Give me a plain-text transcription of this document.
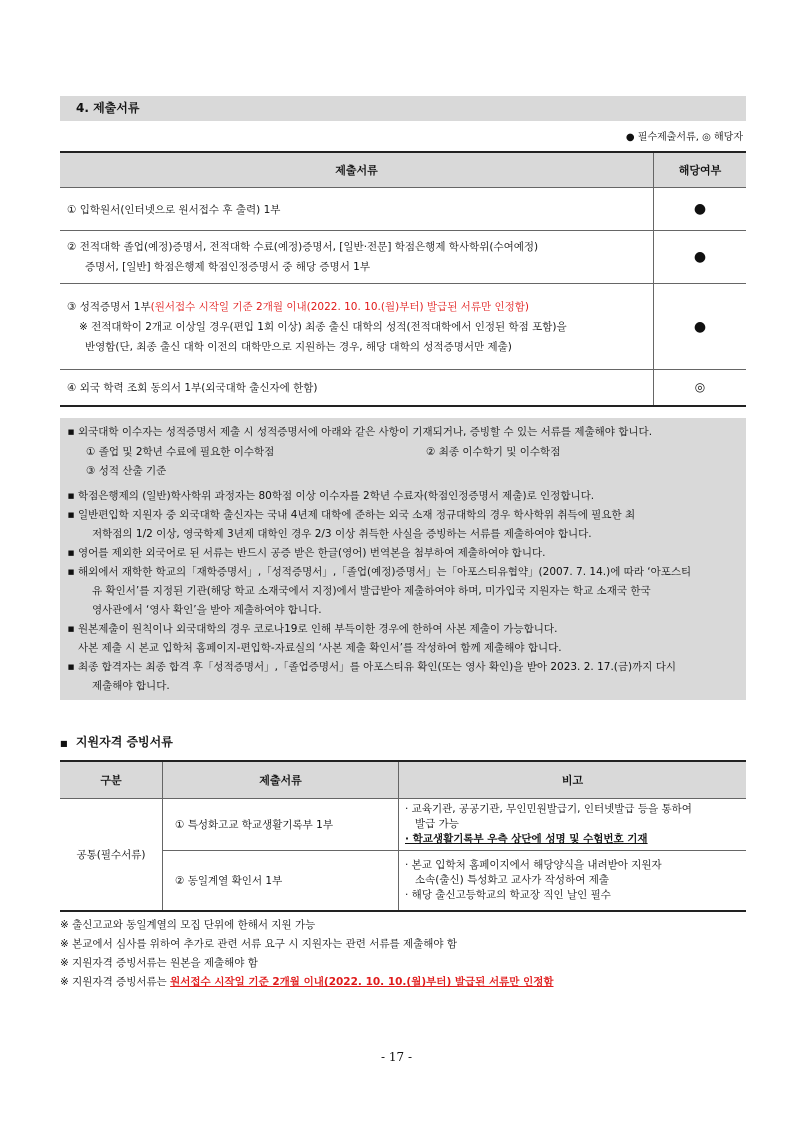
4. 제출서류
● 필수제출서류, ◎ 해당자
제출서류	해당여부
① 입학원서(인터넷으로 원서접수 후 출력) 1부	●
② 전적대학 졸업(예정)증명서, 전적대학 수료(예정)증명서, [일반·전문] 학점은행제 학사학위(수여예정)
증명서, [일반] 학점은행제 학점인정증명서 중 해당 증명서 1부	●
③ 성적증명서 1부(원서접수 시작일 기준 2개월 이내(2022. 10. 10.(월)부터) 발급된 서류만 인정함)
※ 전적대학이 2개교 이상일 경우(편입 1회 이상) 최종 출신 대학의 성적(전적대학에서 인정된 학점 포함)을
반영함(단, 최종 출신 대학 이전의 대학만으로 지원하는 경우, 해당 대학의 성적증명서만 제출)	●
④ 외국 학력 조회 동의서 1부(외국대학 출신자에 한함)	◎
■ 외국대학 이수자는 성적증명서 제출 시 성적증명서에 아래와 같은 사항이 기재되거나, 증빙할 수 있는 서류를 제출해야 합니다.
① 졸업 및 2학년 수료에 필요한 이수학점	② 최종 이수학기 및 이수학점
③ 성적 산출 기준
■ 학점은행제의 (일반)학사학위 과정자는 80학점 이상 이수자를 2학년 수료자(학점인정증명서 제출)로 인정합니다.
■ 일반편입학 지원자 중 외국대학 출신자는 국내 4년제 대학에 준하는 외국 소재 정규대학의 경우 학사학위 취득에 필요한 최
저학점의 1/2 이상, 영국학제 3년제 대학인 경우 2/3 이상 취득한 사실을 증빙하는 서류를 제출하여야 합니다.
■ 영어를 제외한 외국어로 된 서류는 반드시 공증 받은 한글(영어) 번역본을 첨부하여 제출하여야 합니다.
■ 해외에서 재학한 학교의「재학증명서」,「성적증명서」,「졸업(예정)증명서」는「아포스티유협약」(2007. 7. 14.)에 따라 ‘아포스티
유 확인서’를 지정된 기관(해당 학교 소재국에서 지정)에서 발급받아 제출하여야 하며, 미가입국 지원자는 학교 소재국 한국
영사관에서 ‘영사 확인’을 받아 제출하여야 합니다.
■ 원본제출이 원칙이나 외국대학의 경우 코로나19로 인해 부득이한 경우에 한하여 사본 제출이 가능합니다.
사본 제출 시 본교 입학처 홈페이지-편입학-자료실의 ‘사본 제출 확인서’를 작성하여 함께 제출해야 합니다.
■ 최종 합격자는 최종 합격 후「성적증명서」,「졸업증명서」를 아포스티유 확인(또는 영사 확인)을 받아 2023. 2. 17.(금)까지 다시
제출해야 합니다.
■ 지원자격 증빙서류
구분	제출서류	비고
공통(필수서류)	① 특성화고교 학교생활기록부 1부	· 교육기관, 공공기관, 무인민원발급기, 인터넷발급 등을 통하여

발급 가능
· 학교생활기록부 우측 상단에 성명 및 수험번호 기재
	② 동일계열 확인서 1부	· 본교 입학처 홈페이지에서 해당양식을 내려받아 지원자

소속(출신) 특성화고 교사가 작성하여 제출
· 해당 출신고등학교의 학교장 직인 날인 필수
※ 출신고교와 동일계열의 모집 단위에 한해서 지원 가능
※ 본교에서 심사를 위하여 추가로 관련 서류 요구 시 지원자는 관련 서류를 제출해야 함
※ 지원자격 증빙서류는 원본을 제출해야 함
※ 지원자격 증빙서류는 원서접수 시작일 기준 2개월 이내(2022. 10. 10.(월)부터) 발급된 서류만 인정함
- 17 -
